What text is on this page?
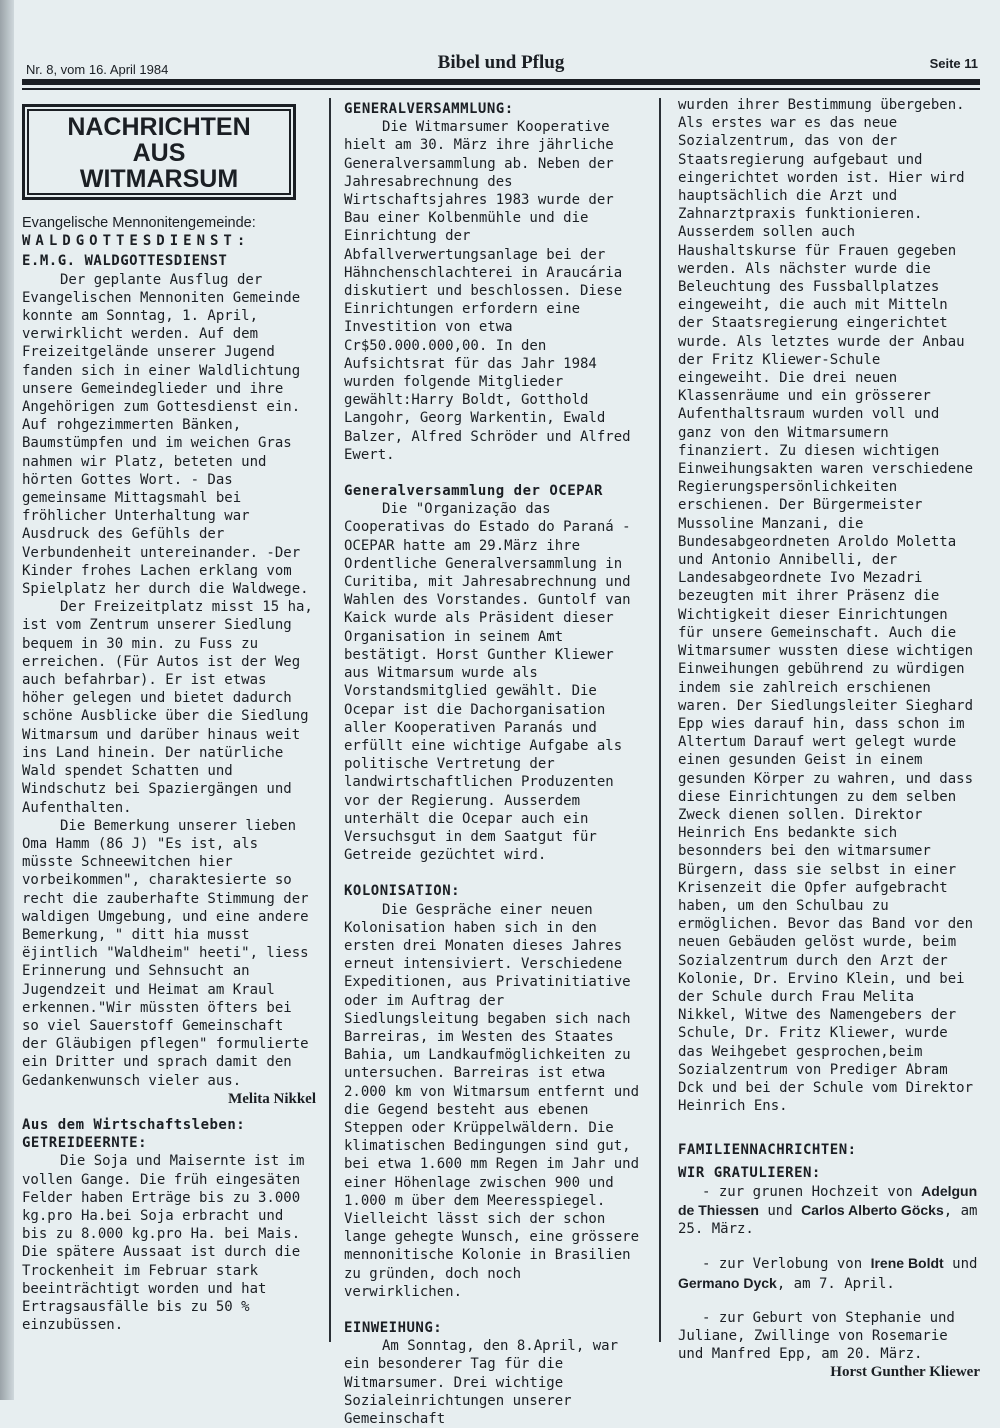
Nr. 8, vom 16. April 1984	Bibel und Pflug	Seite 11
NACHRICHTEN
AUS
WITMARSUM

Evangelische Mennonitengemeinde:

WALDGOTTESDIENST:

E.M.G. WALDGOTTESDIENST

Der geplante Ausflug der Evangelischen Mennoniten Gemeinde konnte am Sonntag, 1. April, verwirklicht werden. Auf dem Freizeitgelände unserer Jugend fanden sich in einer Waldlichtung unsere Gemeindeglieder und ihre Angehörigen zum Gottesdienst ein. Auf rohgezimmerten Bänken, Baumstümpfen und im weichen Gras nahmen wir Platz, beteten und hörten Gottes Wort. - Das gemeinsame Mittagsmahl bei fröhlicher Unterhaltung war Ausdruck des Gefühls der Verbundenheit untereinander. -Der Kinder frohes Lachen erklang vom Spielplatz her durch die Waldwege.

Der Freizeitplatz misst 15 ha, ist vom Zentrum unserer Siedlung bequem in 30 min. zu Fuss zu erreichen. (Für Autos ist der Weg auch befahrbar). Er ist etwas höher gelegen und bietet dadurch schöne Ausblicke über die Siedlung Witmarsum und darüber hinaus weit ins Land hinein. Der natürliche Wald spendet Schatten und Windschutz bei Spaziergängen und Aufenthalten.

Die Bemerkung unserer lieben Oma Hamm (86 J) "Es ist, als müsste Schneewitchen hier vorbeikommen", charaktesierte so recht die zauberhafte Stimmung der waldigen Umgebung, und eine andere Bemerkung, " ditt hia musst ëjintlich "Waldheim" heeti", liess Erinnerung und Sehnsucht an Jugendzeit und Heimat am Kraul erkennen."Wir müssten öfters bei so viel Sauerstoff Gemeinschaft der Gläubigen pflegen" formulierte ein Dritter und sprach damit den Gedankenwunsch vieler aus.

Melita Nikkel

Aus dem Wirtschaftsleben:

GETREIDEERNTE:

Die Soja und Maisernte ist im vollen Gange. Die früh eingesäten Felder haben Erträge bis zu 3.000 kg.pro Ha.bei Soja erbracht und bis zu 8.000 kg.pro Ha. bei Mais. Die spätere Aussaat ist durch die Trockenheit im Februar stark beeinträchtigt worden und hat Ertragsausfälle bis zu 50 % einzubüssen.

GENERALVERSAMMLUNG:

Die Witmarsumer Kooperative hielt am 30. März ihre jährliche Generalversammlung ab. Neben der Jahresabrechnung des Wirtschaftsjahres 1983 wurde der Bau einer Kolbenmühle und die Einrichtung der Abfallverwertungsanlage bei der Hähnchenschlachterei in Araucária diskutiert und beschlossen. Diese Einrichtungen erfordern eine Investition von etwa Cr$50.000.000,00. In den Aufsichtsrat für das Jahr 1984 wurden folgende Mitglieder gewählt:Harry Boldt, Gotthold Langohr, Georg Warkentin, Ewald Balzer, Alfred Schröder und Alfred Ewert.

Generalversammlung der OCEPAR

Die "Organização das Cooperativas do Estado do Paraná - OCEPAR hatte am 29.März ihre Ordentliche Generalversammlung in Curitiba, mit Jahresabrechnung und Wahlen des Vorstandes. Guntolf van Kaick wurde als Präsident dieser Organisation in seinem Amt bestätigt. Horst Gunther Kliewer aus Witmarsum wurde als Vorstandsmitglied gewählt. Die Ocepar ist die Dachorganisation aller Kooperativen Paranás und erfüllt eine wichtige Aufgabe als politische Vertretung der landwirtschaftlichen Produzenten vor der Regierung. Ausserdem unterhält die Ocepar auch ein Versuchsgut in dem Saatgut für Getreide gezüchtet wird.

KOLONISATION:

Die Gespräche einer neuen Kolonisation haben sich in den ersten drei Monaten dieses Jahres erneut intensiviert. Verschiedene Expeditionen, aus Privatinitiative oder im Auftrag der Siedlungsleitung begaben sich nach Barreiras, im Westen des Staates Bahia, um Landkaufmöglichkeiten zu untersuchen. Barreiras ist etwa 2.000 km von Witmarsum entfernt und die Gegend besteht aus ebenen Steppen oder Krüppelwäldern. Die klimatischen Bedingungen sind gut, bei etwa 1.600 mm Regen im Jahr und einer Höhenlage zwischen 900 und 1.000 m über dem Meeresspiegel. Vielleicht lässt sich der schon lange gehegte Wunsch, eine grössere mennonitische Kolonie in Brasilien zu gründen, doch noch verwirklichen.

EINWEIHUNG:

Am Sonntag, den 8.April, war ein besonderer Tag für die Witmarsumer. Drei wichtige Sozialeinrichtungen unserer Gemeinschaft

wurden ihrer Bestimmung übergeben. Als erstes war es das neue Sozialzentrum, das von der Staatsregierung aufgebaut und eingerichtet worden ist. Hier wird hauptsächlich die Arzt und Zahnarztpraxis funktionieren. Ausserdem sollen auch Haushaltskurse für Frauen gegeben werden. Als nächster wurde die Beleuchtung des Fussballplatzes eingeweiht, die auch mit Mitteln der Staatsregierung eingerichtet wurde. Als letztes wurde der Anbau der Fritz Kliewer-Schule eingeweiht. Die drei neuen Klassenräume und ein grösserer Aufenthaltsraum wurden voll und ganz von den Witmarsumern finanziert. Zu diesen wichtigen Einweihungsakten waren verschiedene Regierungspersönlichkeiten erschienen. Der Bürgermeister Mussoline Manzani, die Bundesabgeordneten Aroldo Moletta und Antonio Annibelli, der Landesabgeordnete Ivo Mezadri bezeugten mit ihrer Präsenz die Wichtigkeit dieser Einrichtungen für unsere Gemeinschaft. Auch die Witmarsumer wussten diese wichtigen Einweihungen gebührend zu würdigen indem sie zahlreich erschienen waren. Der Siedlungsleiter Sieghard Epp wies darauf hin, dass schon im Altertum Darauf wert gelegt wurde einen gesunden Geist in einem gesunden Körper zu wahren, und dass diese Einrichtungen zu dem selben Zweck dienen sollen. Direktor Heinrich Ens bedankte sich besonnders bei den witmarsumer Bürgern, dass sie selbst in einer Krisenzeit die Opfer aufgebracht haben, um den Schulbau zu ermöglichen. Bevor das Band vor den neuen Gebäuden gelöst wurde, beim Sozialzentrum durch den Arzt der Kolonie, Dr. Ervino Klein, und bei der Schule durch Frau Melita Nikkel, Witwe des Namengebers der Schule, Dr. Fritz Kliewer, wurde das Weihgebet gesprochen,beim Sozialzentrum von Prediger Abram Dck und bei der Schule vom Direktor Heinrich Ens.

FAMILIENNACHRICHTEN:

WIR GRATULIEREN:

- zur grunen Hochzeit von Adelgun de Thiessen und Carlos Alberto Göcks, am 25. März.

- zur Verlobung von Irene Boldt und Germano Dyck, am 7. April.

- zur Geburt von Stephanie und Juliane, Zwillinge von Rosemarie und Manfred Epp, am 20. März.

Horst Gunther Kliewer
